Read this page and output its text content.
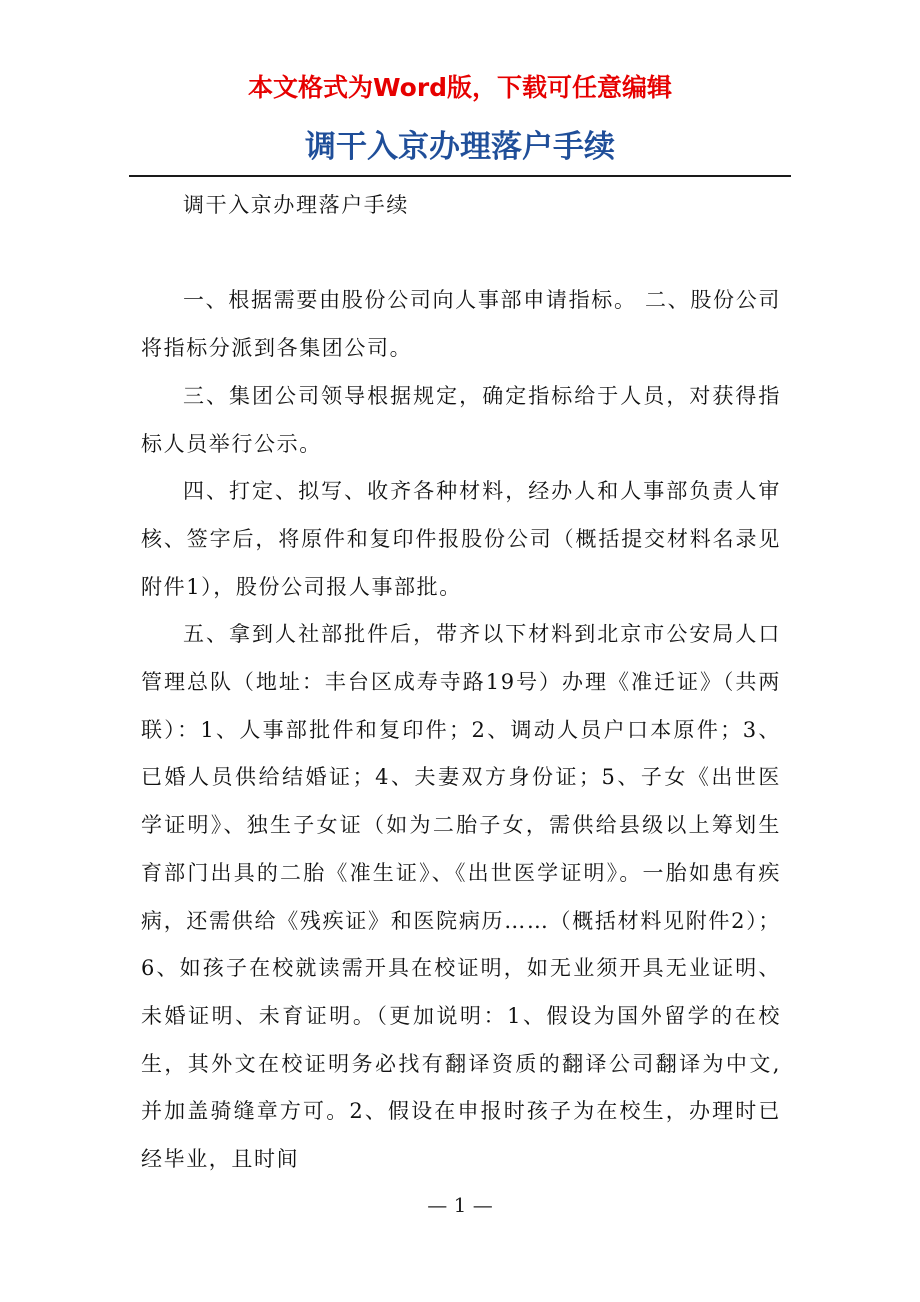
本文格式为Word版，下载可任意编辑
调干入京办理落户手续

调干入京办理落户手续

一、根据需要由股份公司向人事部申请指标。 二、股份公司将指标分派到各集团公司。

三、集团公司领导根据规定，确定指标给于人员，对获得指标人员举行公示。

四、打定、拟写、收齐各种材料，经办人和人事部负责人审核、签字后，将原件和复印件报股份公司（概括提交材料名录见附件1），股份公司报人事部批。

五、拿到人社部批件后，带齐以下材料到北京市公安局人口管理总队（地址：丰台区成寿寺路19号）办理《准迁证》（共两联）：1、人事部批件和复印件；2、调动人员户口本原件；3、已婚人员供给结婚证；4、夫妻双方身份证；5、子女《出世医学证明》、独生子女证（如为二胎子女，需供给县级以上筹划生育部门出具的二胎《准生证》、《出世医学证明》。一胎如患有疾病，还需供给《残疾证》和医院病历……（概括材料见附件2）；6、如孩子在校就读需开具在校证明，如无业须开具无业证明、未婚证明、未育证明。（更加说明：1、假设为国外留学的在校生，其外文在校证明务必找有翻译资质的翻译公司翻译为中文,并加盖骑缝章方可。2、假设在申报时孩子为在校生，办理时已经毕业，且时间

— 1 —
